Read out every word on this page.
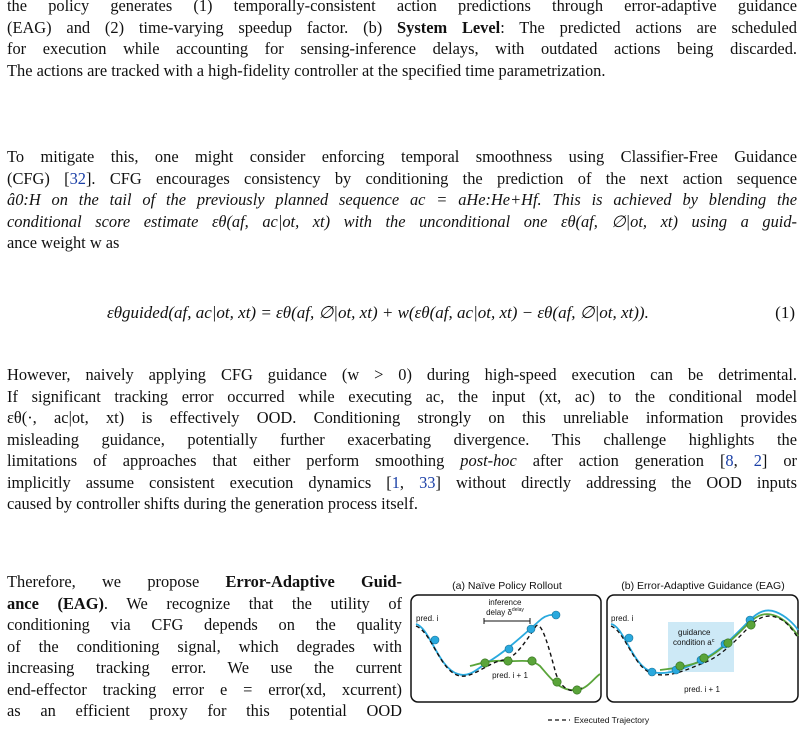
the policy generates (1) temporally-consistent action predictions through error-adaptive guidance
(EAG) and (2) time-varying speedup factor. (b) System Level: The predicted actions are scheduled
for execution while accounting for sensing-inference delays, with outdated actions being discarded.
The actions are tracked with a high-fidelity controller at the specified time parametrization.
To mitigate this, one might consider enforcing temporal smoothness using Classifier-Free Guidance
(CFG) [32]. CFG encourages consistency by conditioning the prediction of the next action sequence
â0:H on the tail of the previously planned sequence ac = aHe:He+Hf. This is achieved by blending the
conditional score estimate εθ(af, ac|ot, xt) with the unconditional one εθ(af, ∅|ot, xt) using a guid-
ance weight w as
εθguided(af, ac|ot, xt) = εθ(af, ∅|ot, xt) + w(εθ(af, ac|ot, xt) − εθ(af, ∅|ot, xt)).	(1)
However, naively applying CFG guidance (w > 0) during high-speed execution can be detrimental.
If significant tracking error occurred while executing ac, the input (xt, ac) to the conditional model
εθ(·, ac|ot, xt) is effectively OOD. Conditioning strongly on this unreliable information provides
misleading guidance, potentially further exacerbating divergence. This challenge highlights the
limitations of approaches that either perform smoothing post-hoc after action generation [8, 2] or
implicitly assume consistent execution dynamics [1, 33] without directly addressing the OOD inputs
caused by controller shifts during the generation process itself.
Therefore, we propose Error-Adaptive Guid-
ance (EAG). We recognize that the utility of
conditioning via CFG depends on the quality
of the conditioning signal, which degrades with
increasing tracking error. We use the current
end-effector tracking error e = error(xd, xcurrent)
as an efficient proxy for this potential OOD
(a) Naïve Policy Rollout	(b) Error-Adaptive Guidance (EAG)
pred. i
inference
delay $\delta^{delay}$
pred. i + 1
pred. i
guidance
condition $a^c$
pred. i + 1
Executed Trajectory
